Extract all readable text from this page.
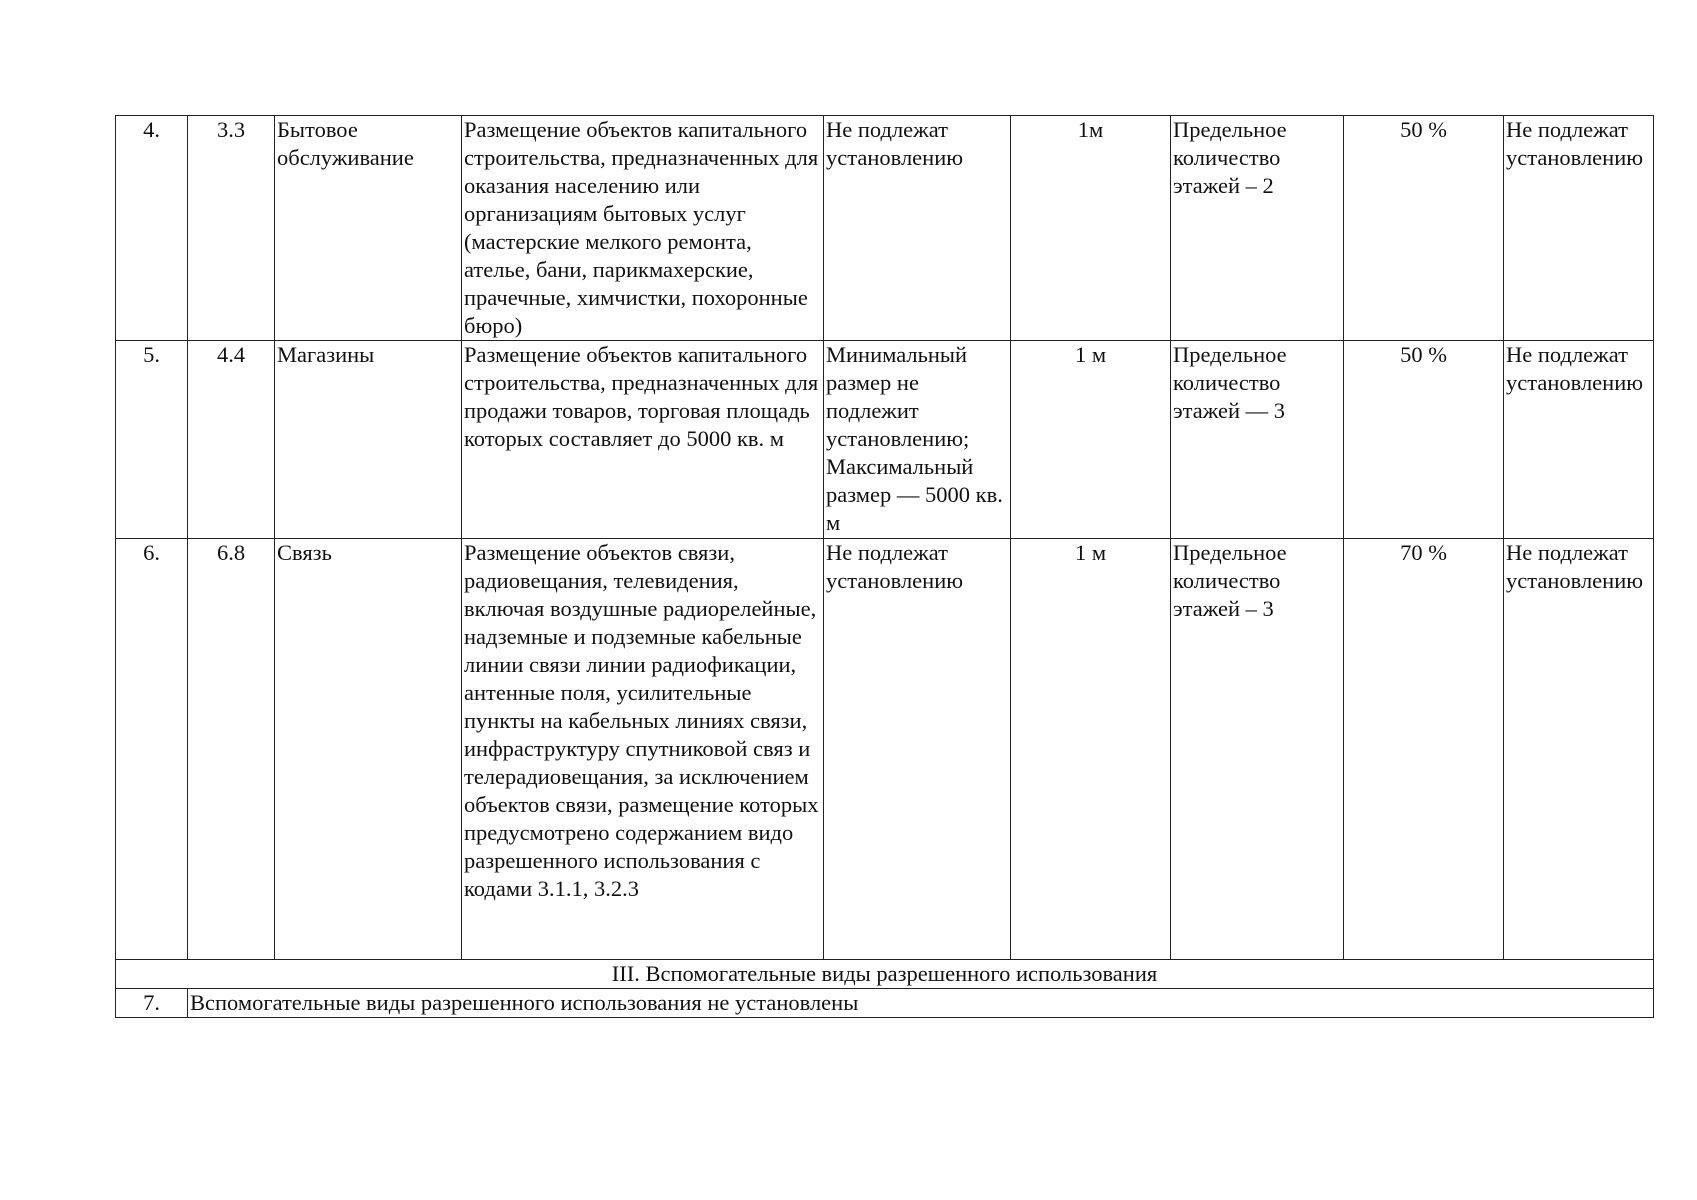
4.	3.3	Бытовое обслуживание	Размещение объектов капитального строительства, предназначенных для оказания населению или организациям бытовых услуг (мастерские мелкого ремонта, ателье, бани, парикмахерские, прачечные, химчистки, похоронные бюро)	Не подлежат установлению	1м	Предельное количество этажей – 2	50 %	Не подлежат установлению
5.	4.4	Магазины	Размещение объектов капитального строительства, предназначенных для продажи товаров, торговая площадь которых составляет до 5000 кв. м	Минимальный размер не подлежит установлению; Максимальный размер — 5000 кв. м	1 м	Предельное количество этажей — 3	50 %	Не подлежат установлению
6.	6.8	Связь	Размещение объектов связи, радиовещания, телевидения, включая воздушные радиорелейные, надземные и подземные кабельные линии связи линии радиофикации, антенные поля, усилительные пункты на кабельных линиях связи, инфраструктуру спутниковой связ и телерадиовещания, за исключением объектов связи, размещение которых предусмотрено содержанием видо разрешенного использования с кодами 3.1.1, 3.2.3	Не подлежат установлению	1 м	Предельное количество этажей – 3	70 %	Не подлежат установлению
III. Вспомогательные виды разрешенного использования								
7.	Вспомогательные виды разрешенного использования не установлены							
